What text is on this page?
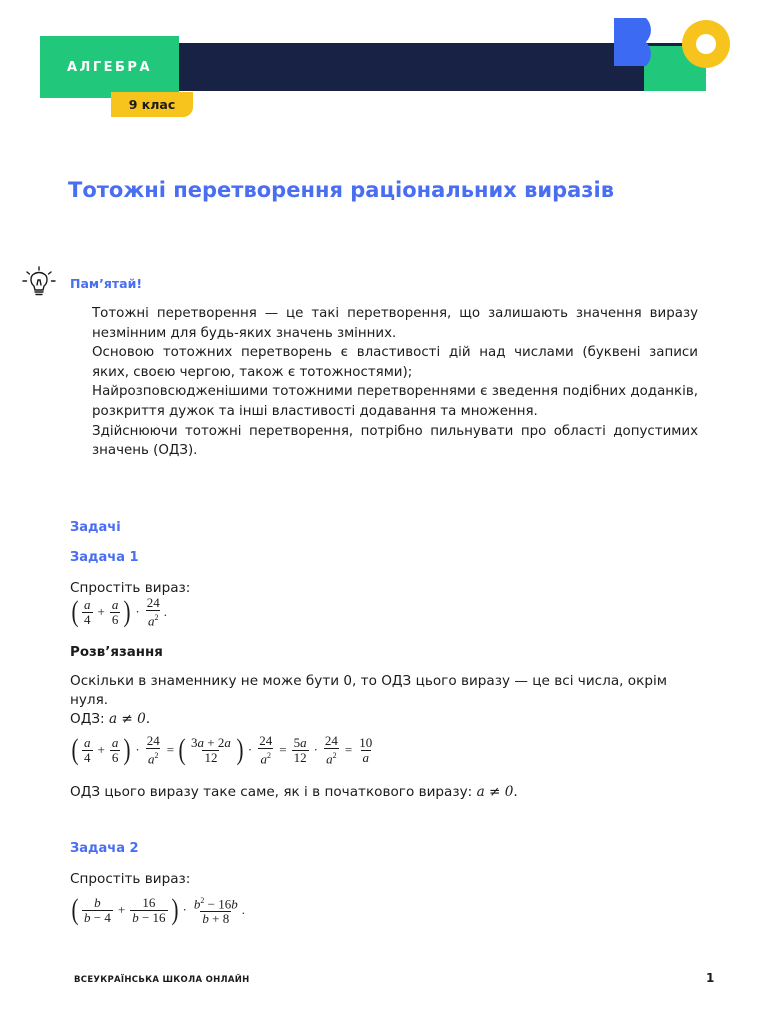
АЛГЕБРА
9 клас
Тотожні перетворення раціональних виразів
Пам’ятай!

Тотожні перетворення — це такі перетворення, що залишають значення виразу незмінним для будь-яких значень змінних.

Основою тотожних перетворень є властивості дій над числами (буквені записи яких, своєю чергою, також є тотожностями);

Найрозповсюдженішими тотожними перетвореннями є зведення подібних доданків, розкриття дужок та інші властивості додавання та множення.

Здійснюючи тотожні перетворення, потрібно пильнувати про області допустимих значень (ОДЗ).

Задачі
Задача 1
Спростіть вираз:
( $\frac{a}{4} + \frac{a}{6}$ ) · $\frac{24}{a^2}$ .
Розв’язання
Оскільки в знаменнику не може бути 0, то ОДЗ цього виразу — це всі числа, окрім нуля.
ОДЗ: a ≠ 0.
( $\frac{a}{4} + \frac{a}{6}$ ) · $\frac{24}{a^2}$ = ( $\frac{3a + 2a}{12}$ ) · $\frac{24}{a^2} = \frac{5a}{12} \cdot \frac{24}{a^2} = \frac{10}{a}$
ОДЗ цього виразу таке саме, як і в початкового виразу: a ≠ 0.
Задача 2
Спростіть вираз:
( $\frac{b}{b - 4} + \frac{16}{b - 16}$ ) · $\frac{b^2 - 16b}{b + 8}$ .
ВСЕУКРАЇНСЬКА ШКОЛА ОНЛАЙН	1
